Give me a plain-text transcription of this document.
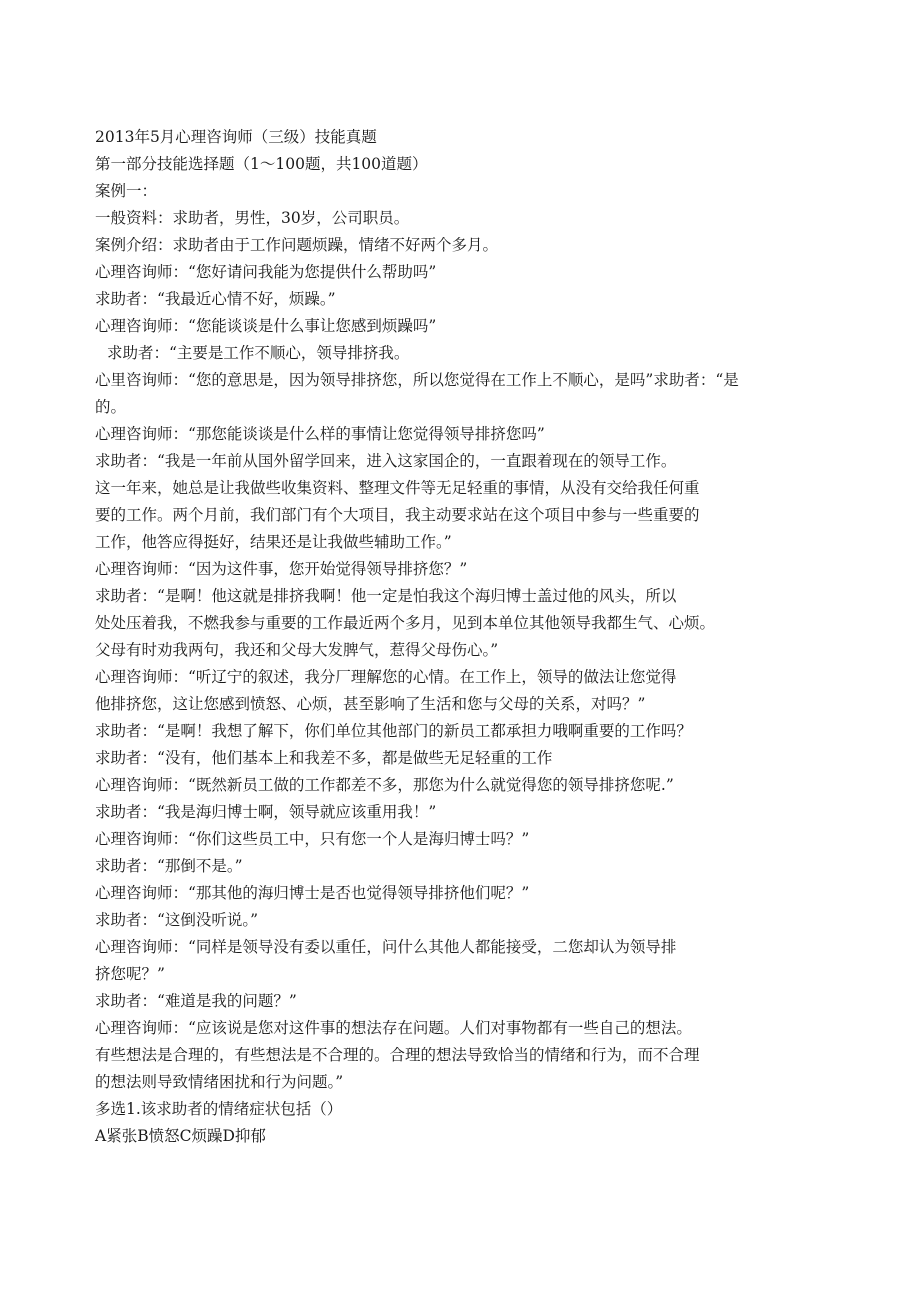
2013年5月心理咨询师（三级）技能真题
第一部分技能选择题（1～100题，共100道题）
案例一：
一般资料：求助者，男性，30岁，公司职员。
案例介绍：求助者由于工作问题烦躁，情绪不好两个多月。
心理咨询师：“您好请问我能为您提供什么帮助吗”
求助者：“我最近心情不好，烦躁。”
心理咨询师：“您能谈谈是什么事让您感到烦躁吗”
求助者：“主要是工作不顺心，领导排挤我。
心里咨询师：“您的意思是，因为领导排挤您，所以您觉得在工作上不顺心，是吗”求助者：“是
的。
心理咨询师：“那您能谈谈是什么样的事情让您觉得领导排挤您吗”
求助者：“我是一年前从国外留学回来，进入这家国企的，一直跟着现在的领导工作。
这一年来，她总是让我做些收集资料、整理文件等无足轻重的事情，从没有交给我任何重
要的工作。两个月前，我们部门有个大项目，我主动要求站在这个项目中参与一些重要的
工作，他答应得挺好，结果还是让我做些辅助工作。”
心理咨询师：“因为这件事，您开始觉得领导排挤您？”
求助者：“是啊！他这就是排挤我啊！他一定是怕我这个海归博士盖过他的风头，所以
处处压着我，不燃我参与重要的工作最近两个多月，见到本单位其他领导我都生气、心烦。
父母有时劝我两句，我还和父母大发脾气，惹得父母伤心。”
心理咨询师：“听辽宁的叙述，我分厂理解您的心情。在工作上，领导的做法让您觉得
他排挤您，这让您感到愤怒、心烦，甚至影响了生活和您与父母的关系，对吗？”
求助者：“是啊！我想了解下，你们单位其他部门的新员工都承担力哦啊重要的工作吗？
求助者：“没有，他们基本上和我差不多，都是做些无足轻重的工作
心理咨询师：“既然新员工做的工作都差不多，那您为什么就觉得您的领导排挤您呢.”
求助者：“我是海归博士啊，领导就应该重用我！”
心理咨询师：“你们这些员工中，只有您一个人是海归博士吗？”
求助者：“那倒不是。”
心理咨询师：“那其他的海归博士是否也觉得领导排挤他们呢？”
求助者：“这倒没听说。”
心理咨询师：“同样是领导没有委以重任，问什么其他人都能接受，二您却认为领导排
挤您呢？”
求助者：“难道是我的问题？”
心理咨询师：“应该说是您对这件事的想法存在问题。人们对事物都有一些自己的想法。
有些想法是合理的，有些想法是不合理的。合理的想法导致恰当的情绪和行为，而不合理
的想法则导致情绪困扰和行为问题。”
多选1.该求助者的情绪症状包括（）
A紧张B愤怒C烦躁D抑郁
